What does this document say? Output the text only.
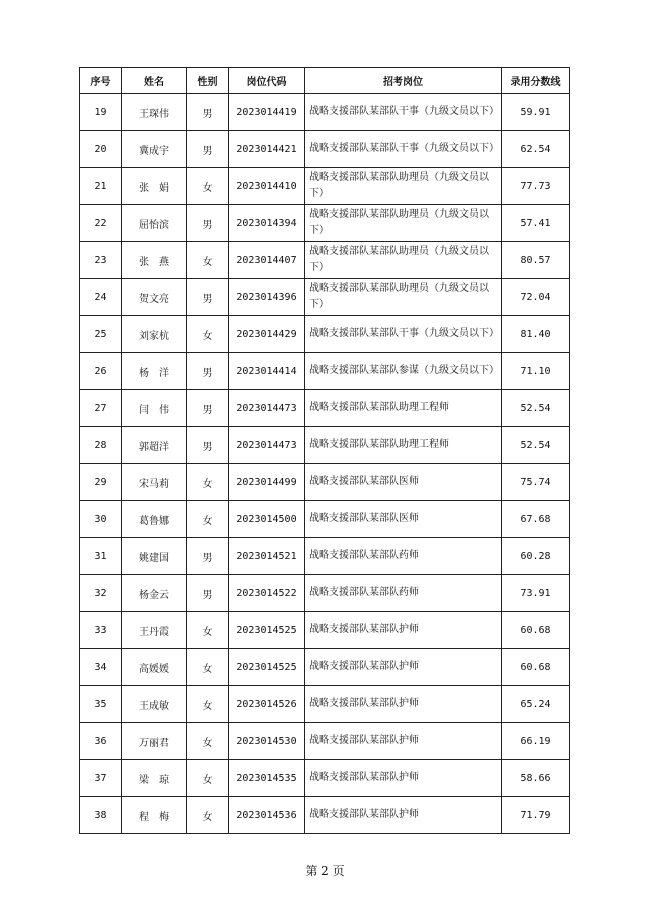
序号	姓名	性别	岗位代码	招考岗位	录用分数线
19	王琛伟	男	2023014419	战略支援部队某部队干事（九级文员以下）	59.91
20	冀成宇	男	2023014421	战略支援部队某部队干事（九级文员以下）	62.54
21	张　娟	女	2023014410	战略支援部队某部队助理员（九级文员以下）	77.73
22	屈怡滨	男	2023014394	战略支援部队某部队助理员（九级文员以下）	57.41
23	张　燕	女	2023014407	战略支援部队某部队助理员（九级文员以下）	80.57
24	贺文亮	男	2023014396	战略支援部队某部队助理员（九级文员以下）	72.04
25	刘家杭	女	2023014429	战略支援部队某部队干事（九级文员以下）	81.40
26	杨　洋	男	2023014414	战略支援部队某部队参谋（九级文员以下）	71.10
27	闫　伟	男	2023014473	战略支援部队某部队助理工程师	52.54
28	郭超洋	男	2023014473	战略支援部队某部队助理工程师	52.54
29	宋马莉	女	2023014499	战略支援部队某部队医师	75.74
30	葛鲁娜	女	2023014500	战略支援部队某部队医师	67.68
31	姚建国	男	2023014521	战略支援部队某部队药师	60.28
32	杨金云	男	2023014522	战略支援部队某部队药师	73.91
33	王丹霞	女	2023014525	战略支援部队某部队护师	60.68
34	高媛媛	女	2023014525	战略支援部队某部队护师	60.68
35	王成敏	女	2023014526	战略支援部队某部队护师	65.24
36	万丽君	女	2023014530	战略支援部队某部队护师	66.19
37	梁　琼	女	2023014535	战略支援部队某部队护师	58.66
38	程　梅	女	2023014536	战略支援部队某部队护师	71.79
第 2 页
